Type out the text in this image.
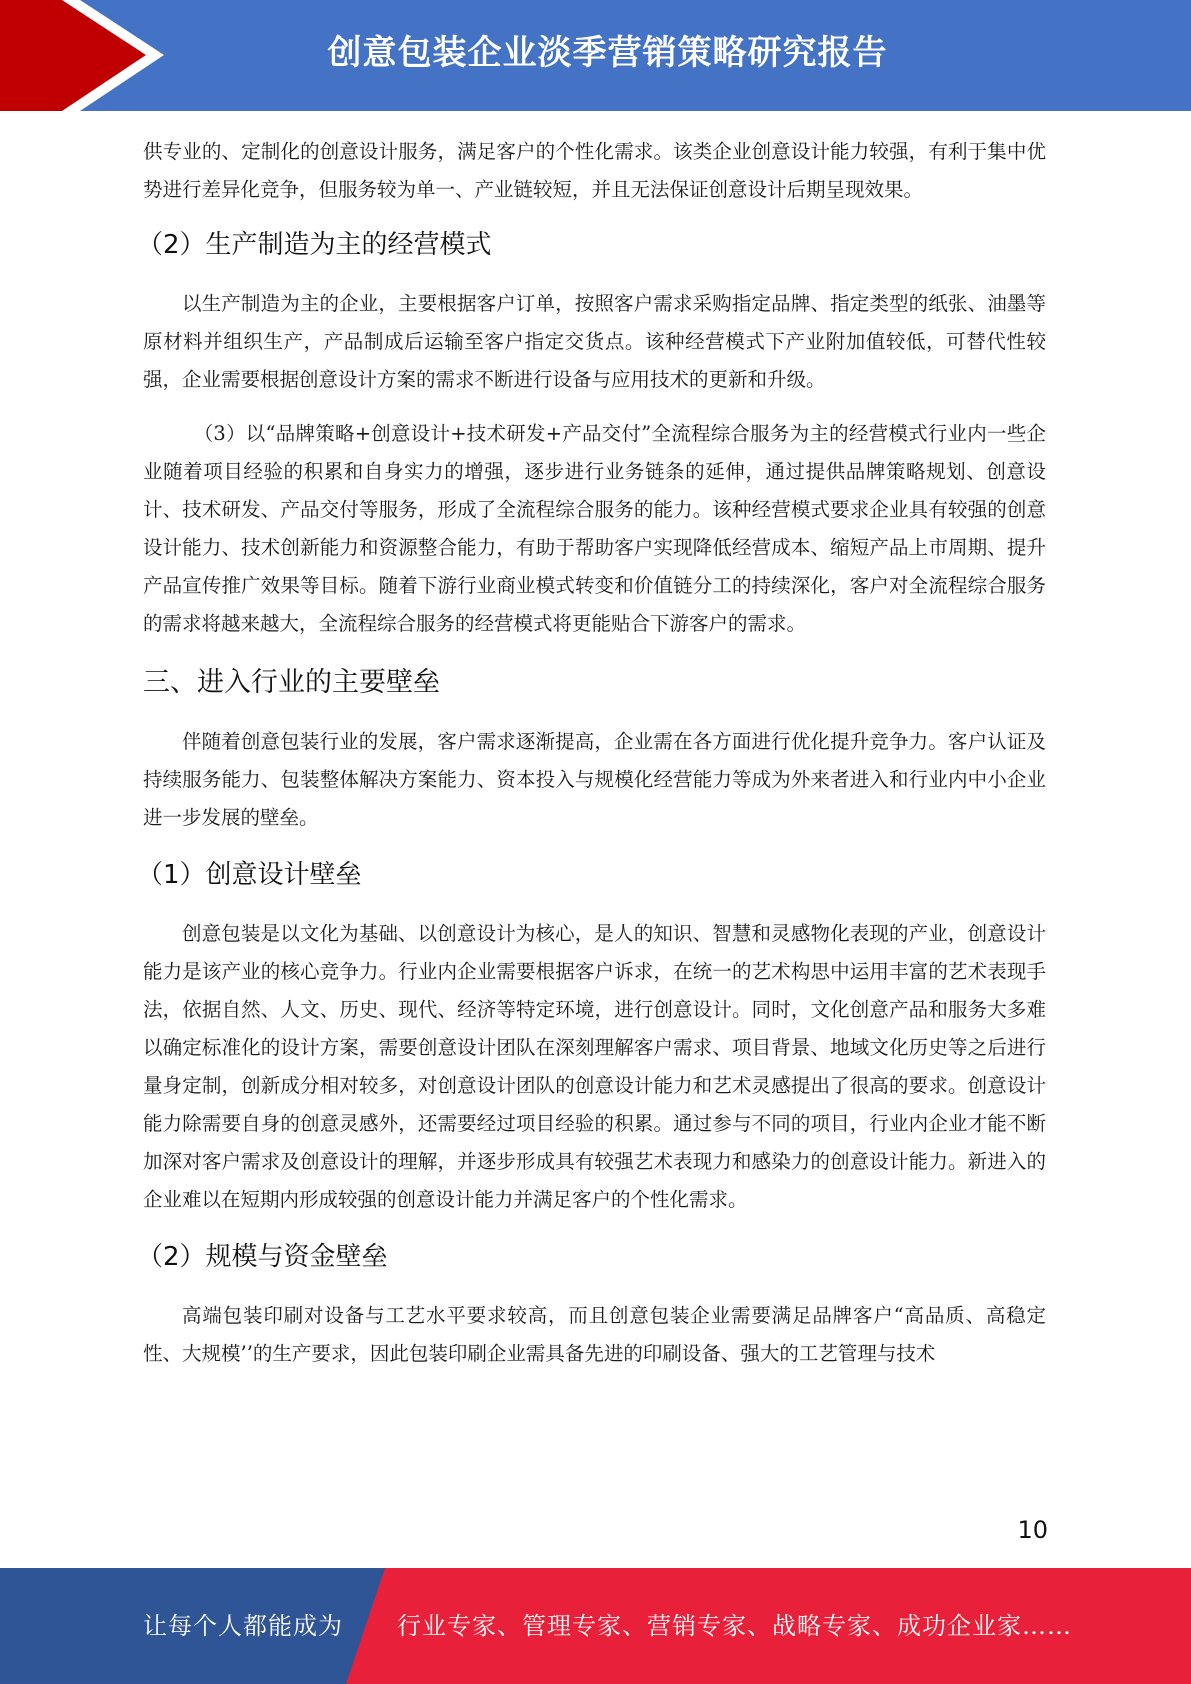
创意包装企业淡季营销策略研究报告

供专业的、定制化的创意设计服务，满足客户的个性化需求。该类企业创意设计能力较强，有利于集中优势进行差异化竞争，但服务较为单一、产业链较短，并且无法保证创意设计后期呈现效果。

（2）生产制造为主的经营模式

以生产制造为主的企业，主要根据客户订单，按照客户需求采购指定品牌、指定类型的纸张、油墨等原材料并组织生产，产品制成后运输至客户指定交货点。该种经营模式下产业附加值较低，可替代性较强，企业需要根据创意设计方案的需求不断进行设备与应用技术的更新和升级。

（3）以“品牌策略+创意设计+技术研发+产品交付”全流程综合服务为主的经营模式行业内一些企业随着项目经验的积累和自身实力的增强，逐步进行业务链条的延伸，通过提供品牌策略规划、创意设计、技术研发、产品交付等服务，形成了全流程综合服务的能力。该种经营模式要求企业具有较强的创意设计能力、技术创新能力和资源整合能力，有助于帮助客户实现降低经营成本、缩短产品上市周期、提升产品宣传推广效果等目标。随着下游行业商业模式转变和价值链分工的持续深化，客户对全流程综合服务的需求将越来越大，全流程综合服务的经营模式将更能贴合下游客户的需求。

三、进入行业的主要壁垒

伴随着创意包装行业的发展，客户需求逐渐提高，企业需在各方面进行优化提升竞争力。客户认证及持续服务能力、包装整体解决方案能力、资本投入与规模化经营能力等成为外来者进入和行业内中小企业进一步发展的壁垒。

（1）创意设计壁垒

创意包装是以文化为基础、以创意设计为核心，是人的知识、智慧和灵感物化表现的产业，创意设计能力是该产业的核心竞争力。行业内企业需要根据客户诉求，在统一的艺术构思中运用丰富的艺术表现手法，依据自然、人文、历史、现代、经济等特定环境，进行创意设计。同时，文化创意产品和服务大多难以确定标准化的设计方案，需要创意设计团队在深刻理解客户需求、项目背景、地域文化历史等之后进行量身定制，创新成分相对较多，对创意设计团队的创意设计能力和艺术灵感提出了很高的要求。创意设计能力除需要自身的创意灵感外，还需要经过项目经验的积累。通过参与不同的项目，行业内企业才能不断加深对客户需求及创意设计的理解，并逐步形成具有较强艺术表现力和感染力的创意设计能力。新进入的企业难以在短期内形成较强的创意设计能力并满足客户的个性化需求。

（2）规模与资金壁垒

高端包装印刷对设备与工艺水平要求较高，而且创意包装企业需要满足品牌客户“高品质、高稳定性、大规模’’的生产要求，因此包装印刷企业需具备先进的印刷设备、强大的工艺管理与技术

10
让每个人都能成为 行业专家、管理专家、营销专家、战略专家、成功企业家……
